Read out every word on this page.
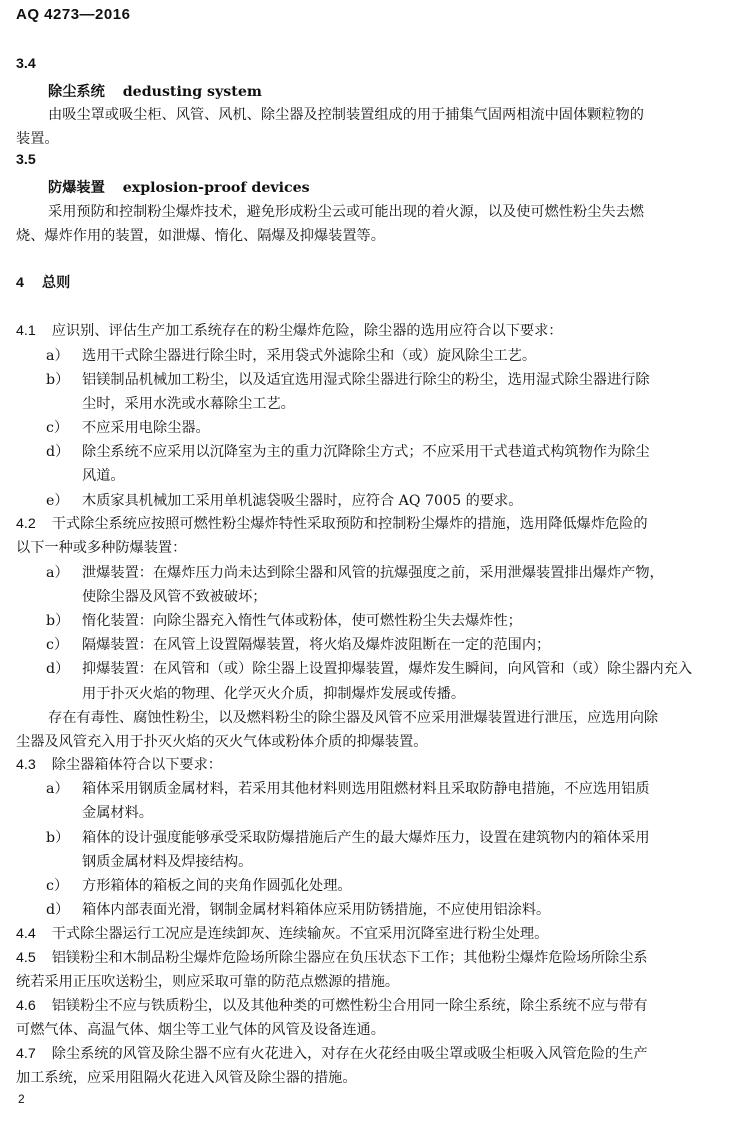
AQ 4273—2016
3.4
除尘系统 dedusting system
由吸尘罩或吸尘柜、风管、风机、除尘器及控制装置组成的用于捕集气固两相流中固体颗粒物的
装置。
3.5
防爆装置 explosion-proof devices
采用预防和控制粉尘爆炸技术，避免形成粉尘云或可能出现的着火源，以及使可燃性粉尘失去燃
烧、爆炸作用的装置，如泄爆、惰化、隔爆及抑爆装置等。
4 总则
4.1 应识别、评估生产加工系统存在的粉尘爆炸危险，除尘器的选用应符合以下要求：
a） 选用干式除尘器进行除尘时，采用袋式外滤除尘和（或）旋风除尘工艺。
b） 铝镁制品机械加工粉尘，以及适宜选用湿式除尘器进行除尘的粉尘，选用湿式除尘器进行除
尘时，采用水洗或水幕除尘工艺。
c） 不应采用电除尘器。
d） 除尘系统不应采用以沉降室为主的重力沉降除尘方式；不应采用干式巷道式构筑物作为除尘
风道。
e） 木质家具机械加工采用单机滤袋吸尘器时，应符合 AQ 7005 的要求。
4.2 干式除尘系统应按照可燃性粉尘爆炸特性采取预防和控制粉尘爆炸的措施，选用降低爆炸危险的
以下一种或多种防爆装置：
a） 泄爆装置：在爆炸压力尚未达到除尘器和风管的抗爆强度之前，采用泄爆装置排出爆炸产物，
使除尘器及风管不致被破坏；
b） 惰化装置：向除尘器充入惰性气体或粉体，使可燃性粉尘失去爆炸性；
c） 隔爆装置：在风管上设置隔爆装置，将火焰及爆炸波阻断在一定的范围内；
d） 抑爆装置：在风管和（或）除尘器上设置抑爆装置，爆炸发生瞬间，向风管和（或）除尘器内充入
用于扑灭火焰的物理、化学灭火介质，抑制爆炸发展或传播。
存在有毒性、腐蚀性粉尘，以及燃料粉尘的除尘器及风管不应采用泄爆装置进行泄压，应选用向除
尘器及风管充入用于扑灭火焰的灭火气体或粉体介质的抑爆装置。
4.3 除尘器箱体符合以下要求：
a） 箱体采用钢质金属材料，若采用其他材料则选用阻燃材料且采取防静电措施，不应选用铝质
金属材料。
b） 箱体的设计强度能够承受采取防爆措施后产生的最大爆炸压力，设置在建筑物内的箱体采用
钢质金属材料及焊接结构。
c） 方形箱体的箱板之间的夹角作圆弧化处理。
d） 箱体内部表面光滑，钢制金属材料箱体应采用防锈措施，不应使用铝涂料。
4.4 干式除尘器运行工况应是连续卸灰、连续输灰。不宜采用沉降室进行粉尘处理。
4.5 铝镁粉尘和木制品粉尘爆炸危险场所除尘器应在负压状态下工作；其他粉尘爆炸危险场所除尘系
统若采用正压吹送粉尘，则应采取可靠的防范点燃源的措施。
4.6 铝镁粉尘不应与铁质粉尘，以及其他种类的可燃性粉尘合用同一除尘系统，除尘系统不应与带有
可燃气体、高温气体、烟尘等工业气体的风管及设备连通。
4.7 除尘系统的风管及除尘器不应有火花进入，对存在火花经由吸尘罩或吸尘柜吸入风管危险的生产
加工系统，应采用阻隔火花进入风管及除尘器的措施。
2
